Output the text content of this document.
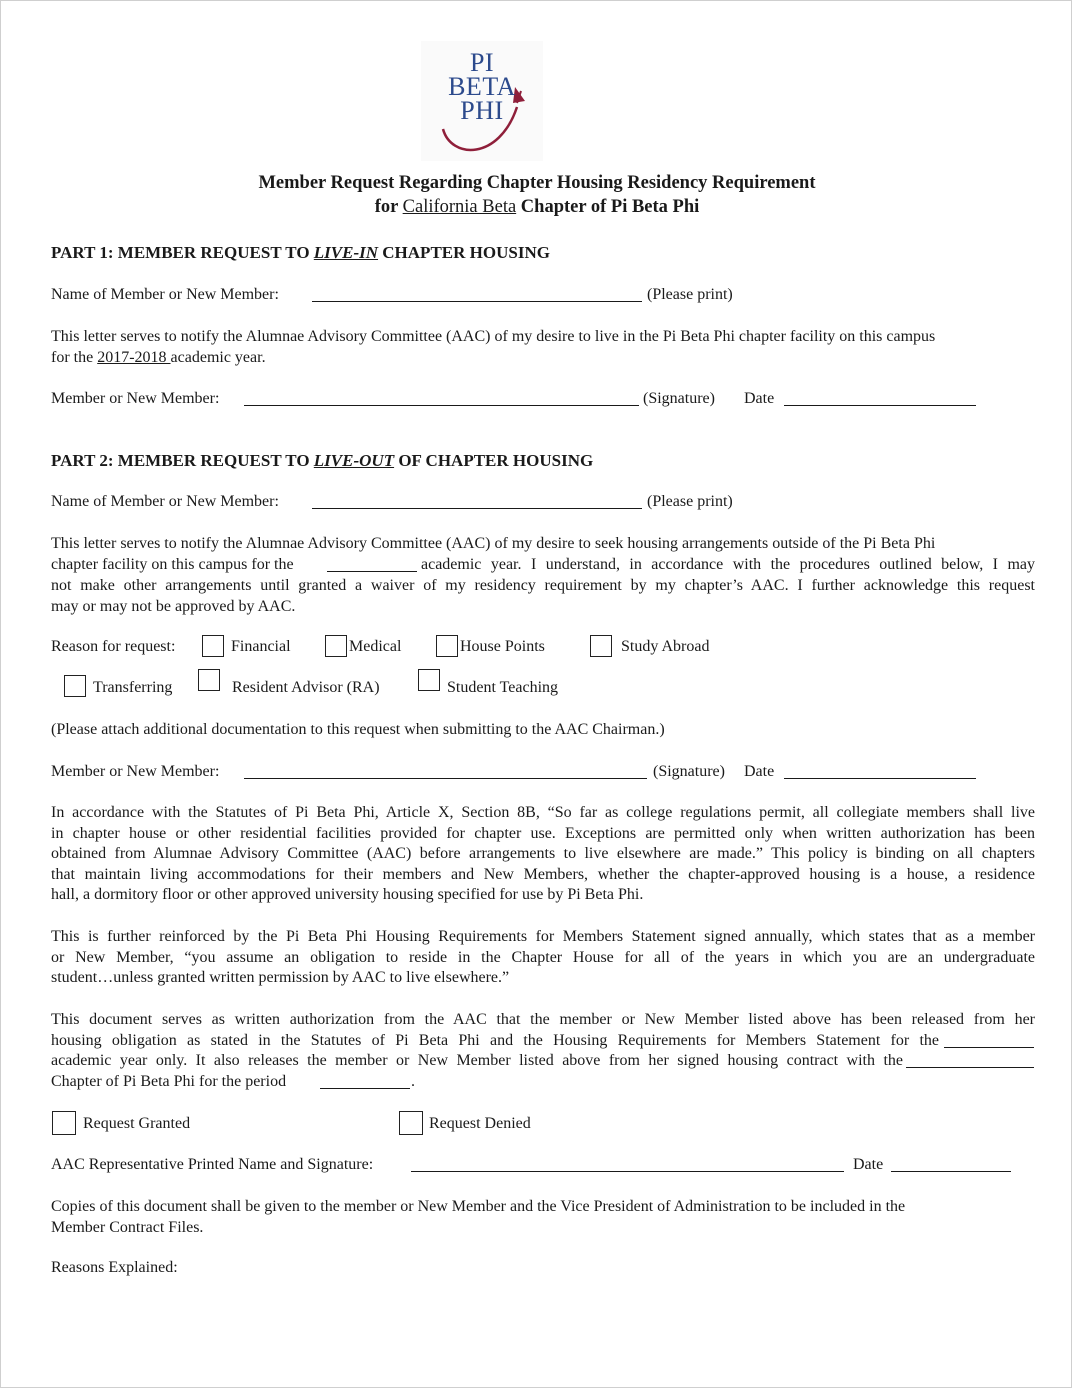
PI
BETA
PHI
Member Request Regarding Chapter Housing Residency Requirement
for California Beta Chapter of Pi Beta Phi
PART 1: MEMBER REQUEST TO LIVE-IN CHAPTER HOUSING
Name of Member or New Member:	(Please print)
This letter serves to notify the Alumnae Advisory Committee (AAC) of my desire to live in the Pi Beta Phi chapter facility on this campus
for the 2017-2018 academic year.
Member or New Member:	(Signature) Date
PART 2: MEMBER REQUEST TO LIVE-OUT OF CHAPTER HOUSING
Name of Member or New Member:	(Please print)
This letter serves to notify the Alumnae Advisory Committee (AAC) of my desire to seek housing arrangements outside of the Pi Beta Phi
chapter facility on this campus for the	academic year. I understand, in accordance with the procedures outlined below, I may
not make other arrangements until granted a waiver of my residency requirement by my chapter’s AAC. I further acknowledge this request
may or may not be approved by AAC.
Reason for request:	Financial	Medical	House Points	Study Abroad
Transferring	Resident Advisor (RA)	Student Teaching
(Please attach additional documentation to this request when submitting to the AAC Chairman.)
Member or New Member:	(Signature) Date
In accordance with the Statutes of Pi Beta Phi, Article X, Section 8B, “So far as college regulations permit, all collegiate members shall live
in chapter house or other residential facilities provided for chapter use. Exceptions are permitted only when written authorization has been
obtained from Alumnae Advisory Committee (AAC) before arrangements to live elsewhere are made.” This policy is binding on all chapters
that maintain living accommodations for their members and New Members, whether the chapter-approved housing is a house, a residence
hall, a dormitory floor or other approved university housing specified for use by Pi Beta Phi.
This is further reinforced by the Pi Beta Phi Housing Requirements for Members Statement signed annually, which states that as a member
or New Member, “you assume an obligation to reside in the Chapter House for all of the years in which you are an undergraduate
student…unless granted written permission by AAC to live elsewhere.”
This document serves as written authorization from the AAC that the member or New Member listed above has been released from her
housing obligation as stated in the Statutes of Pi Beta Phi and the Housing Requirements for Members Statement for the
academic year only. It also releases the member or New Member listed above from her signed housing contract with the
Chapter of Pi Beta Phi for the period	.
Request Granted	Request Denied
AAC Representative Printed Name and Signature:	Date
Copies of this document shall be given to the member or New Member and the Vice President of Administration to be included in the
Member Contract Files.
Reasons Explained:
